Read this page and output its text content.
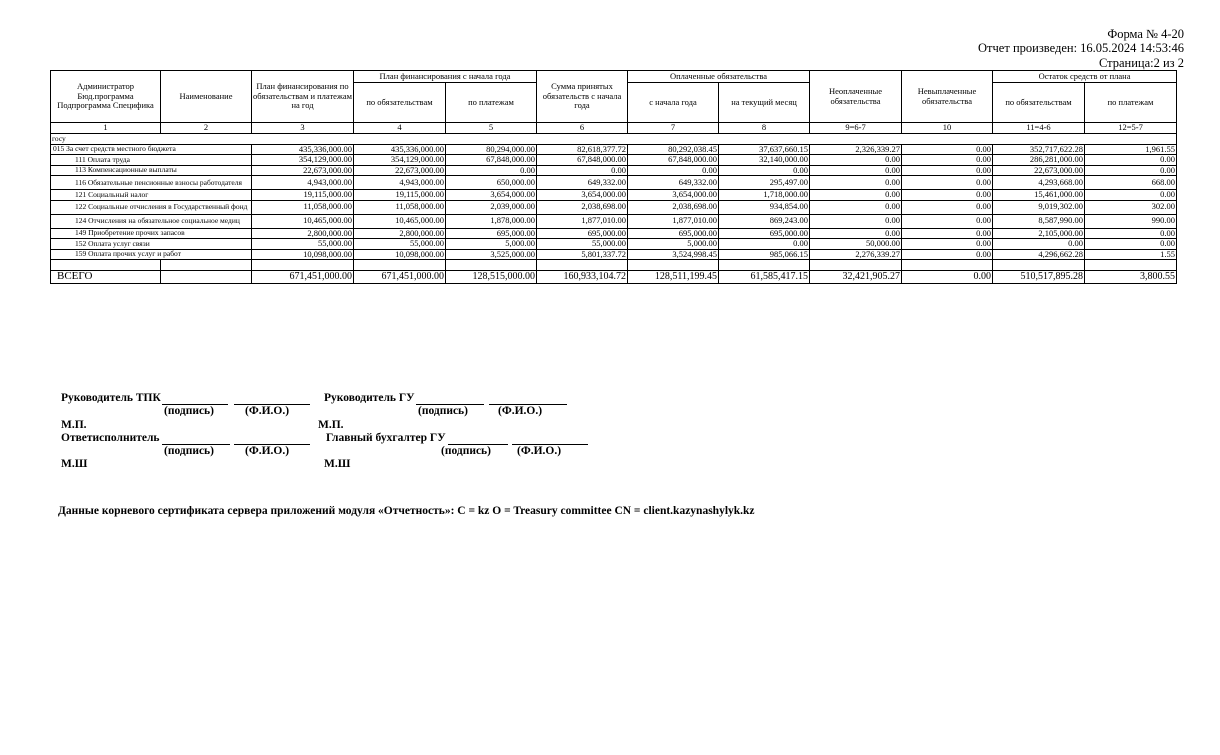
Форма № 4-20
Отчет произведен: 16.05.2024 14:53:46
Страница:2 из 2
Администратор Бюд.программа Подпрограмма Специфика	Наименование	План финансирования по обязательствам и платежам на год	План финансирования с начала года		Сумма принятых обязательств с начала года	Оплаченные обязательства		Неоплаченные обязательства	Невыплаченные обязательства	Остаток средств от плана	
			по обязательствам	по платежам		с начала года	на текущий месяц			по обязательствам	по платежам
1	2	3	4	5	6	7	8	9=6-7	10	11=4-6	12=5-7
госу											
015 За счет средств местного бюджета		435,336,000.00	435,336,000.00	80,294,000.00	82,618,377.72	80,292,038.45	37,637,660.15	2,326,339.27	0.00	352,717,622.28	1,961.55
111 Оплата труда		354,129,000.00	354,129,000.00	67,848,000.00	67,848,000.00	67,848,000.00	32,140,000.00	0.00	0.00	286,281,000.00	0.00
113 Компенсационные выплаты		22,673,000.00	22,673,000.00	0.00	0.00	0.00	0.00	0.00	0.00	22,673,000.00	0.00
116 Обязательные пенсионные взносы работодателя		4,943,000.00	4,943,000.00	650,000.00	649,332.00	649,332.00	295,497.00	0.00	0.00	4,293,668.00	668.00
121 Социальный налог		19,115,000.00	19,115,000.00	3,654,000.00	3,654,000.00	3,654,000.00	1,718,000.00	0.00	0.00	15,461,000.00	0.00
122 Социальные отчисления в Государственный фонд		11,058,000.00	11,058,000.00	2,039,000.00	2,038,698.00	2,038,698.00	934,854.00	0.00	0.00	9,019,302.00	302.00
124 Отчисления на обязательное социальное медиц		10,465,000.00	10,465,000.00	1,878,000.00	1,877,010.00	1,877,010.00	869,243.00	0.00	0.00	8,587,990.00	990.00
149 Приобретение прочих запасов		2,800,000.00	2,800,000.00	695,000.00	695,000.00	695,000.00	695,000.00	0.00	0.00	2,105,000.00	0.00
152 Оплата услуг связи		55,000.00	55,000.00	5,000.00	55,000.00	5,000.00	0.00	50,000.00	0.00	0.00	0.00
159 Оплата прочих услуг и работ		10,098,000.00	10,098,000.00	3,525,000.00	5,801,337.72	3,524,998.45	985,066.15	2,276,339.27	0.00	4,296,662.28	1.55

ВСЕГО		671,451,000.00	671,451,000.00	128,515,000.00	160,933,104.72	128,511,199.45	61,585,417.15	32,421,905.27	0.00	510,517,895.28	3,800.55
Руководитель ТПК	Руководитель ГУ
(подпись)	(Ф.И.О.)	(подпись)	(Ф.И.О.)
М.П.	М.П.
Ответисполнитель	Главный бухгалтер ГУ
(подпись)	(Ф.И.О.)	(подпись) (Ф.И.О.)
М.Ш	М.Ш
Данные корневого сертификата сервера приложений модуля «Отчетность»: C = kz O = Treasury committee CN = client.kazynashylyk.kz
